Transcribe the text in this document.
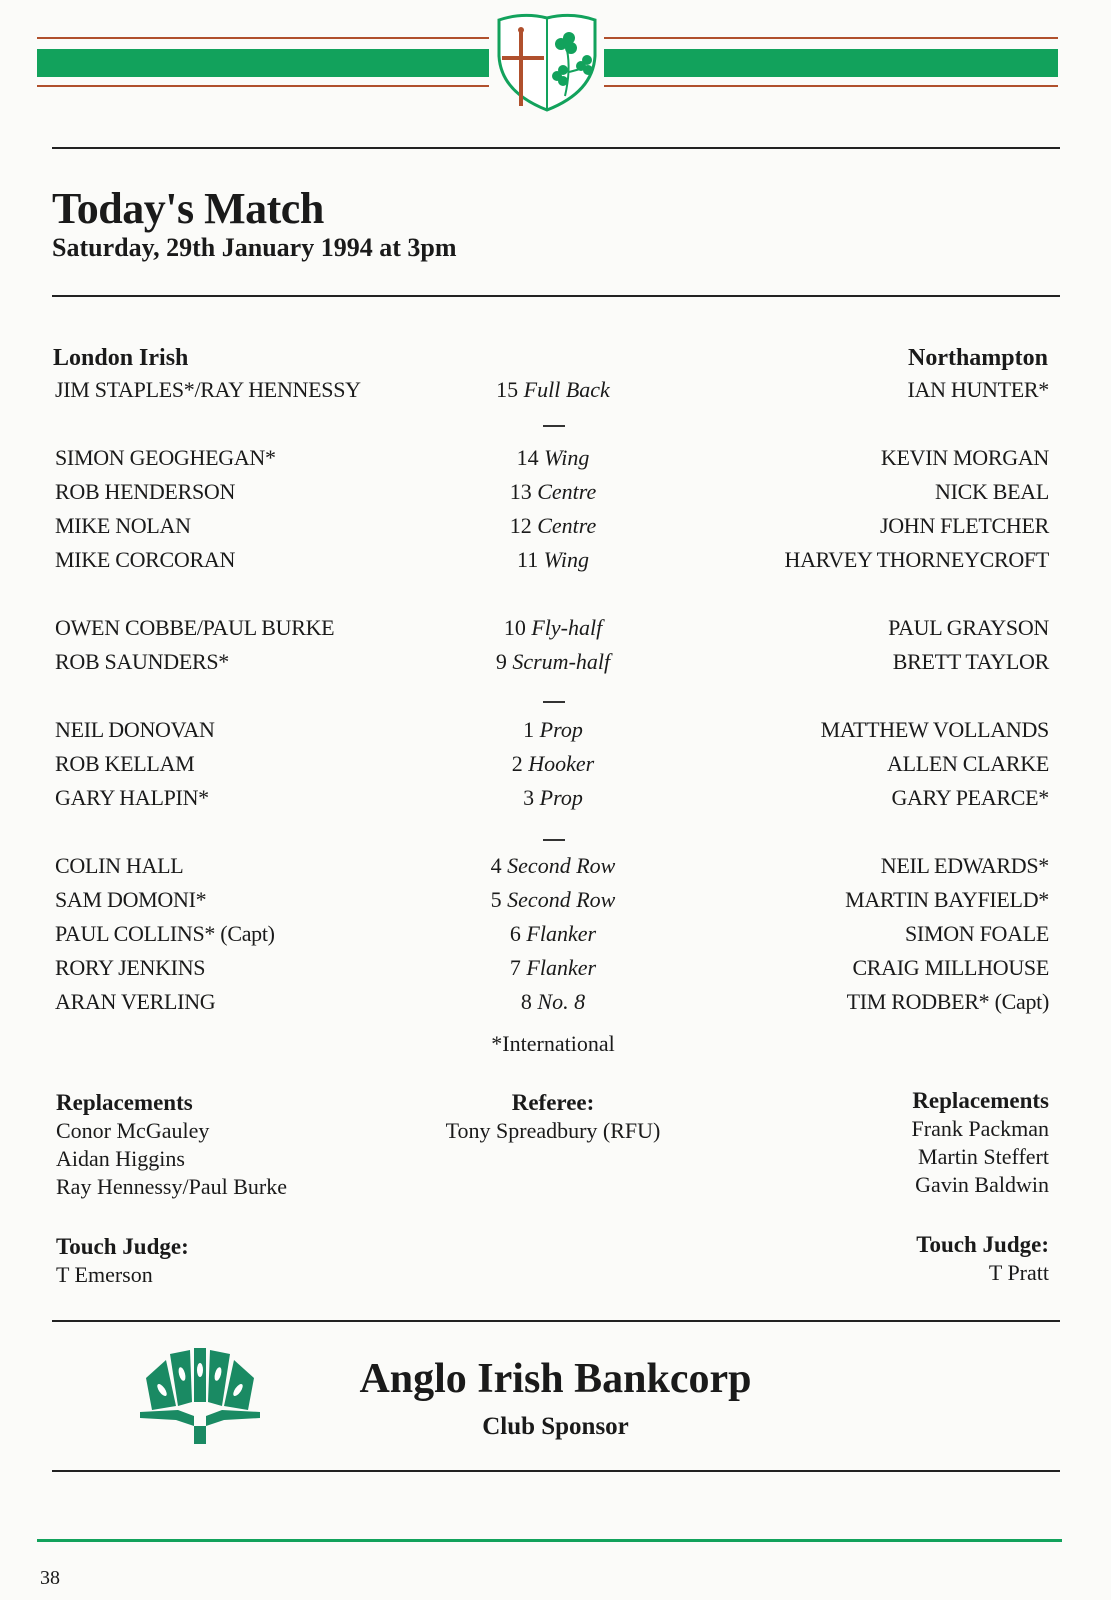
Today's Match
Saturday, 29th January 1994 at 3pm
London Irish	Northampton
JIM STAPLES*/RAY HENNESSY	15 Full Back	IAN HUNTER*
SIMON GEOGHEGAN*	14 Wing	KEVIN MORGAN
ROB HENDERSON	13 Centre	NICK BEAL
MIKE NOLAN	12 Centre	JOHN FLETCHER
MIKE CORCORAN	11 Wing	HARVEY THORNEYCROFT
OWEN COBBE/PAUL BURKE	10 Fly-half	PAUL GRAYSON
ROB SAUNDERS*	9 Scrum-half	BRETT TAYLOR
NEIL DONOVAN	1 Prop	MATTHEW VOLLANDS
ROB KELLAM	2 Hooker	ALLEN CLARKE
GARY HALPIN*	3 Prop	GARY PEARCE*
COLIN HALL	4 Second Row	NEIL EDWARDS*
SAM DOMONI*	5 Second Row	MARTIN BAYFIELD*
PAUL COLLINS* (Capt)	6 Flanker	SIMON FOALE
RORY JENKINS	7 Flanker	CRAIG MILLHOUSE
ARAN VERLING	8 No. 8	TIM RODBER* (Capt)
*International
Replacements
Conor McGauley
Aidan Higgins
Ray Hennessy/Paul Burke
Referee:
Tony Spreadbury (RFU)
Replacements
Frank Packman
Martin Steffert
Gavin Baldwin
Touch Judge:
T Emerson
Touch Judge:
T Pratt
Anglo Irish Bankcorp
Club Sponsor
38
